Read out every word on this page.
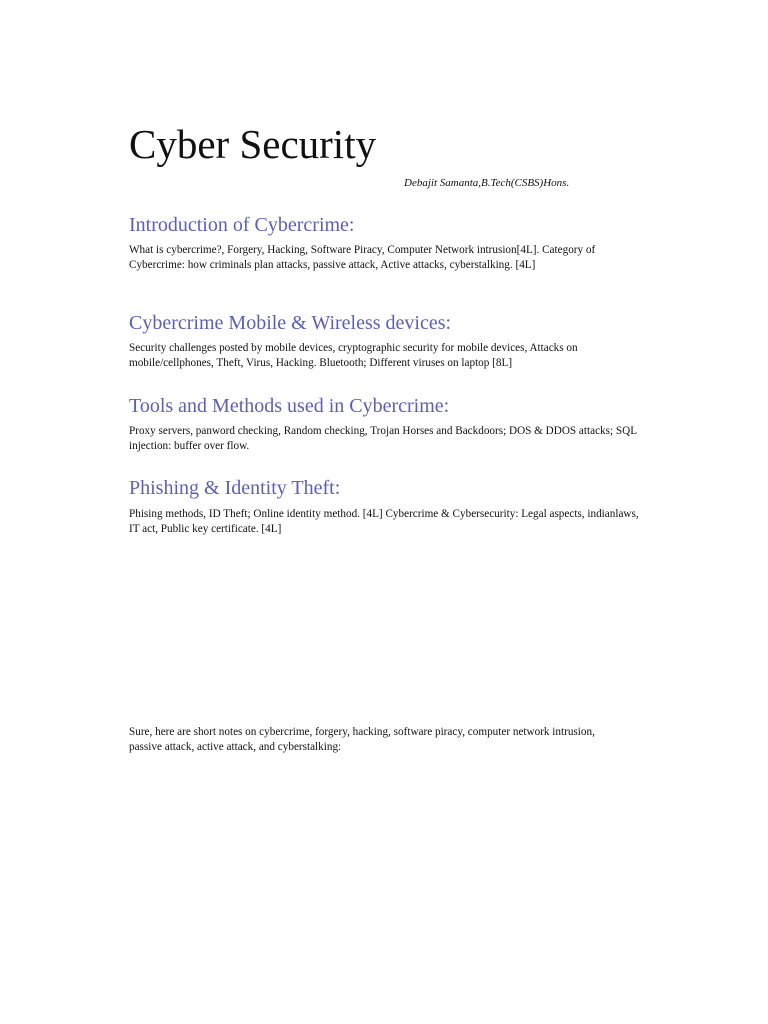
Cyber Security

Debajit Samanta,B.Tech(CSBS)Hons.

Introduction of Cybercrime:

What is cybercrime?, Forgery, Hacking, Software Piracy, Computer Network intrusion[4L]. Category of Cybercrime: how criminals plan attacks, passive attack, Active attacks, cyberstalking. [4L]

Cybercrime Mobile & Wireless devices:

Security challenges posted by mobile devices, cryptographic security for mobile devices, Attacks on mobile/cellphones, Theft, Virus, Hacking. Bluetooth; Different viruses on laptop [8L]

Tools and Methods used in Cybercrime:

Proxy servers, panword checking, Random checking, Trojan Horses and Backdoors; DOS & DDOS attacks; SQL injection: buffer over flow.

Phishing & Identity Theft:

Phising methods, ID Theft; Online identity method. [4L] Cybercrime & Cybersecurity: Legal aspects, indianlaws, IT act, Public key certificate. [4L]

Sure, here are short notes on cybercrime, forgery, hacking, software piracy, computer network intrusion, passive attack, active attack, and cyberstalking:
